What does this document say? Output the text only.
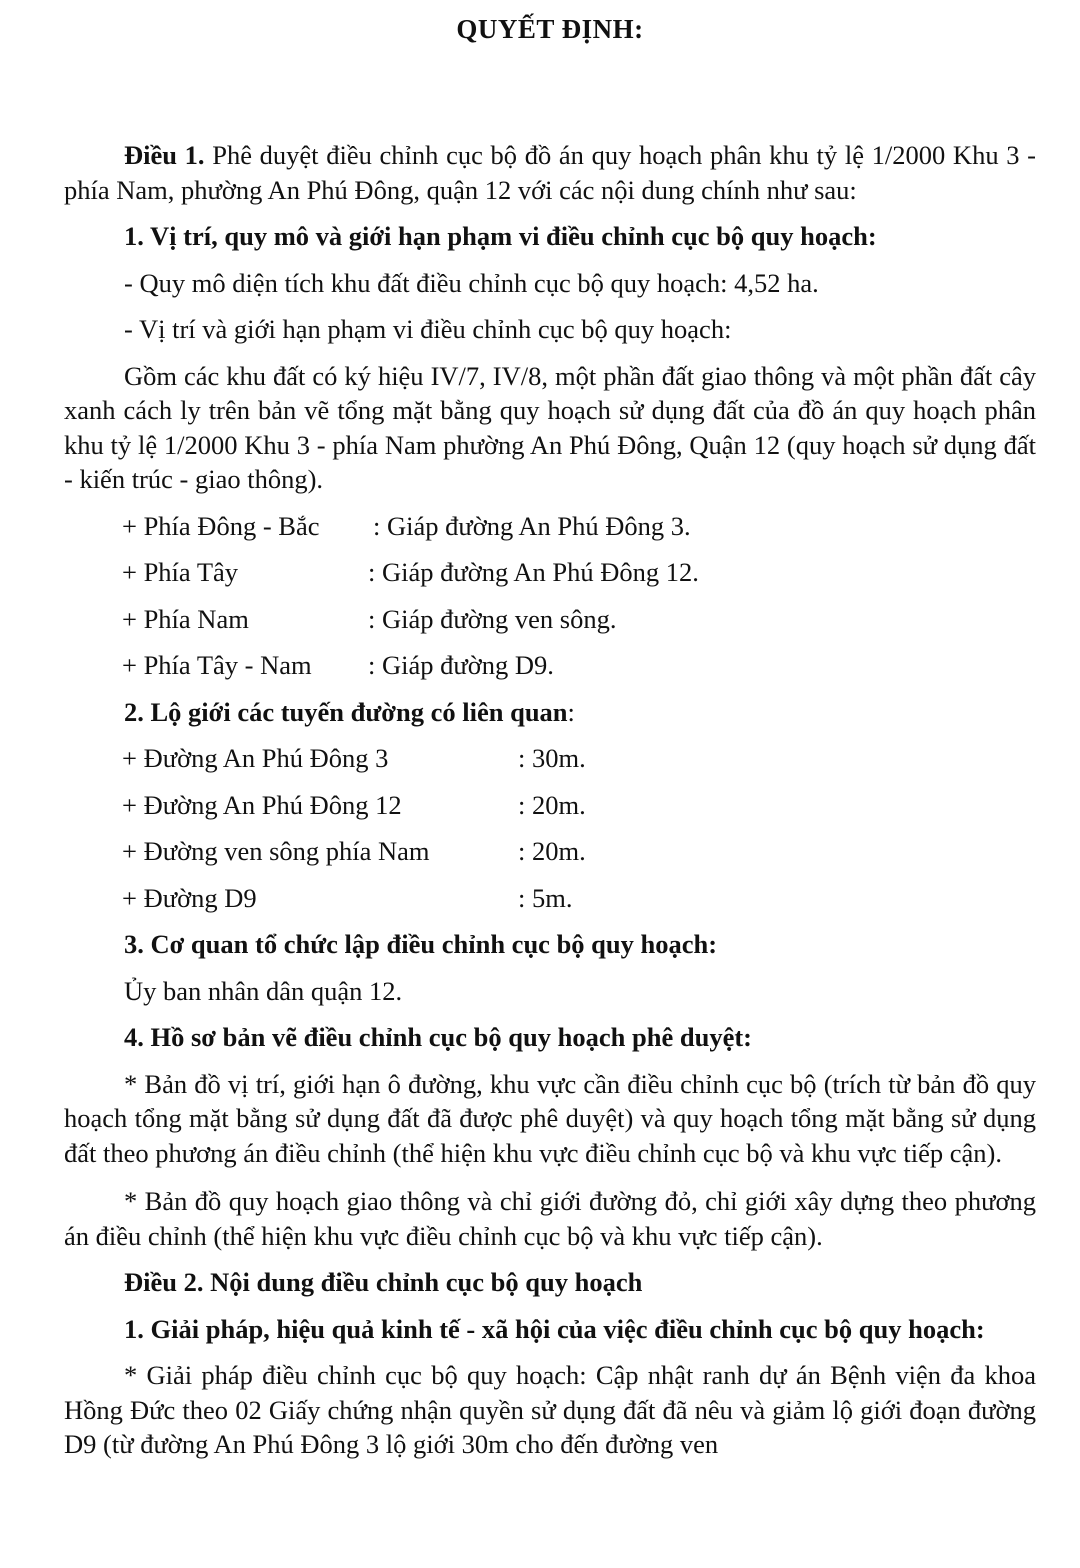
QUYẾT ĐỊNH:

Điều 1. Phê duyệt điều chỉnh cục bộ đồ án quy hoạch phân khu tỷ lệ 1/2000 Khu 3 - phía Nam, phường An Phú Đông, quận 12 với các nội dung chính như sau:

1. Vị trí, quy mô và giới hạn phạm vi điều chỉnh cục bộ quy hoạch:

- Quy mô diện tích khu đất điều chỉnh cục bộ quy hoạch: 4,52 ha.

- Vị trí và giới hạn phạm vi điều chỉnh cục bộ quy hoạch:

Gồm các khu đất có ký hiệu IV/7, IV/8, một phần đất giao thông và một phần đất cây xanh cách ly trên bản vẽ tổng mặt bằng quy hoạch sử dụng đất của đồ án quy hoạch phân khu tỷ lệ 1/2000 Khu 3 - phía Nam phường An Phú Đông, Quận 12 (quy hoạch sử dụng đất - kiến trúc - giao thông).

+ Phía Đông - Bắc	: Giáp đường An Phú Đông 3.
+ Phía Tây	: Giáp đường An Phú Đông 12.
+ Phía Nam	: Giáp đường ven sông.
+ Phía Tây - Nam	: Giáp đường D9.

2. Lộ giới các tuyến đường có liên quan:

+ Đường An Phú Đông 3	: 30m.
+ Đường An Phú Đông 12	: 20m.
+ Đường ven sông phía Nam	: 20m.
+ Đường D9	: 5m.

3. Cơ quan tổ chức lập điều chỉnh cục bộ quy hoạch:

Ủy ban nhân dân quận 12.

4. Hồ sơ bản vẽ điều chỉnh cục bộ quy hoạch phê duyệt:

* Bản đồ vị trí, giới hạn ô đường, khu vực cần điều chỉnh cục bộ (trích từ bản đồ quy hoạch tổng mặt bằng sử dụng đất đã được phê duyệt) và quy hoạch tổng mặt bằng sử dụng đất theo phương án điều chỉnh (thể hiện khu vực điều chỉnh cục bộ và khu vực tiếp cận).

* Bản đồ quy hoạch giao thông và chỉ giới đường đỏ, chỉ giới xây dựng theo phương án điều chỉnh (thể hiện khu vực điều chỉnh cục bộ và khu vực tiếp cận).

Điều 2. Nội dung điều chỉnh cục bộ quy hoạch

1. Giải pháp, hiệu quả kinh tế - xã hội của việc điều chỉnh cục bộ quy hoạch:

* Giải pháp điều chỉnh cục bộ quy hoạch: Cập nhật ranh dự án Bệnh viện đa khoa Hồng Đức theo 02 Giấy chứng nhận quyền sử dụng đất đã nêu và giảm lộ giới đoạn đường D9 (từ đường An Phú Đông 3 lộ giới 30m cho đến đường ven
